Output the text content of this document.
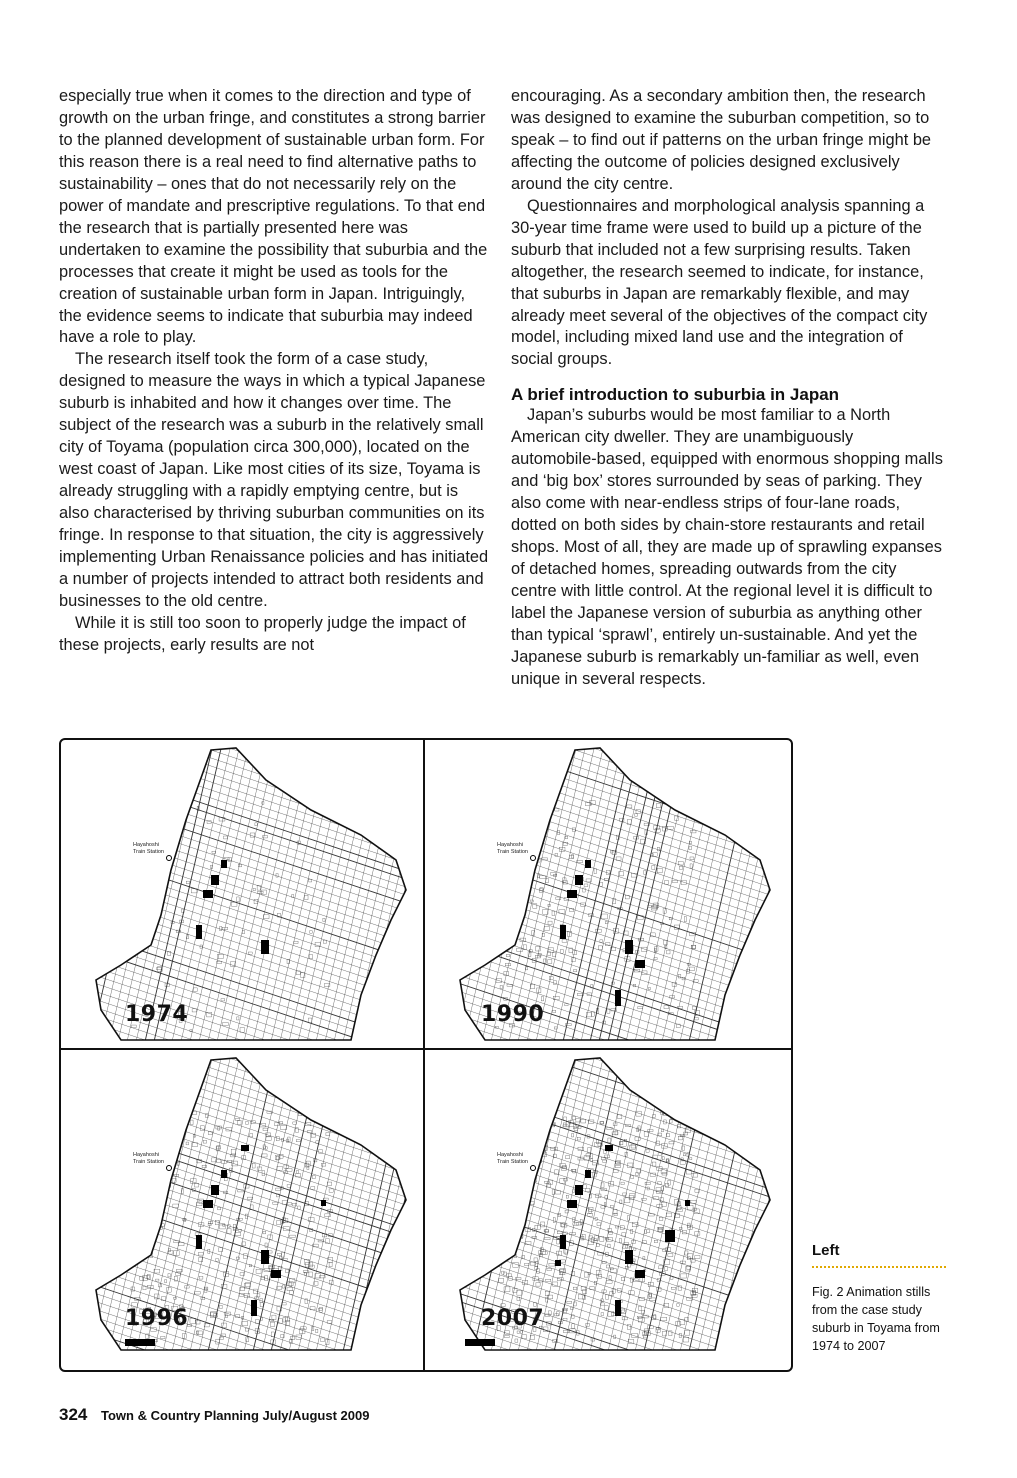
especially true when it comes to the direction and type of growth on the urban fringe, and constitutes a strong barrier to the planned development of sustainable urban form. For this reason there is a real need to find alternative paths to sustainability – ones that do not necessarily rely on the power of mandate and prescriptive regulations. To that end the research that is partially presented here was undertaken to examine the possibility that suburbia and the processes that create it might be used as tools for the creation of sustainable urban form in Japan. Intriguingly, the evidence seems to indicate that suburbia may indeed have a role to play.

The research itself took the form of a case study, designed to measure the ways in which a typical Japanese suburb is inhabited and how it changes over time. The subject of the research was a suburb in the relatively small city of Toyama (population circa 300,000), located on the west coast of Japan. Like most cities of its size, Toyama is already struggling with a rapidly emptying centre, but is also characterised by thriving suburban communities on its fringe. In response to that situation, the city is aggressively implementing Urban Renaissance policies and has initiated a number of projects intended to attract both residents and businesses to the old centre.

While it is still too soon to properly judge the impact of these projects, early results are not

encouraging. As a secondary ambition then, the research was designed to examine the suburban competition, so to speak – to find out if patterns on the urban fringe might be affecting the outcome of policies designed exclusively around the city centre.

Questionnaires and morphological analysis spanning a 30-year time frame were used to build up a picture of the suburb that included not a few surprising results. Taken altogether, the research seemed to indicate, for instance, that suburbs in Japan are remarkably flexible, and may already meet several of the objectives of the compact city model, including mixed land use and the integration of social groups.

A brief introduction to suburbia in Japan

Japan’s suburbs would be most familiar to a North American city dweller. They are unambiguously automobile-based, equipped with enormous shopping malls and ‘big box’ stores surrounded by seas of parking. They also come with near-endless strips of four-lane roads, dotted on both sides by chain-store restaurants and retail shops. Most of all, they are made up of sprawling expanses of detached homes, spreading outwards from the city centre with little control. At the regional level it is difficult to label the Japanese version of suburbia as anything other than typical ‘sprawl’, entirely un-sustainable. And yet the Japanese suburb is remarkably un-familiar as well, even unique in several respects.

Hayahoshi
Train Station
1974
Hayahoshi
Train Station
1990
Hayahoshi
Train Station
1996
Hayahoshi
Train Station
2007
Left
Fig. 2 Animation stills from the case study suburb in Toyama from 1974 to 2007
324 Town & Country Planning July/August 2009
